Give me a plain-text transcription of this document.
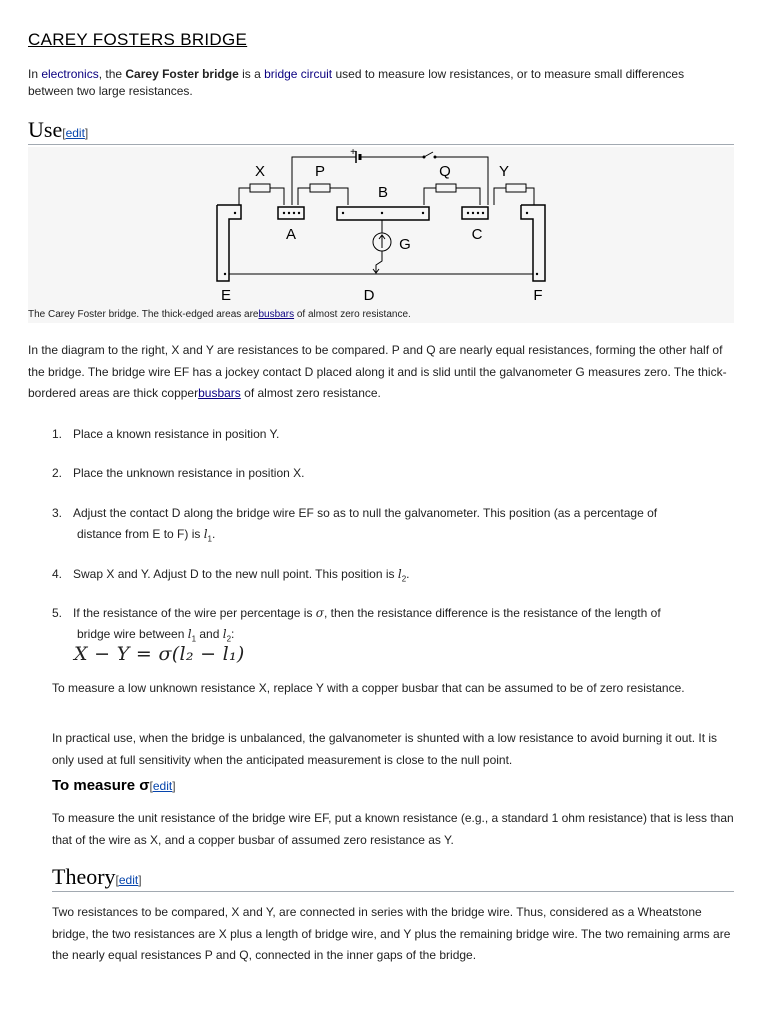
CAREY FOSTERS BRIDGE
In electronics, the Carey Foster bridge is a bridge circuit used to measure low resistances, or to measure small differences between two large resistances.
Use[edit]
+
X	P
B
Q	Y
A
G
C
E	D	F
The Carey Foster bridge. The thick-edged areas arebusbars of almost zero resistance.
In the diagram to the right, X and Y are resistances to be compared. P and Q are nearly equal resistances, forming the other half of the bridge. The bridge wire EF has a jockey contact D placed along it and is slid until the galvanometer G measures zero. The thick-bordered areas are thick copperbusbars of almost zero resistance.
1. Place a known resistance in position Y.
2. Place the unknown resistance in position X.
3. Adjust the contact D along the bridge wire EF so as to null the galvanometer. This position (as a percentage of
distance from E to F) is $l_1$.
4. Swap X and Y. Adjust D to the new null point. This position is $l_2$.
5. If the resistance of the wire per percentage is σ, then the resistance difference is the resistance of the length of
bridge wire between $l_1$ and $l_2$:
X − Y = σ(l₂ − l₁)
To measure a low unknown resistance X, replace Y with a copper busbar that can be assumed to be of zero resistance.
In practical use, when the bridge is unbalanced, the galvanometer is shunted with a low resistance to avoid burning it out. It is only used at full sensitivity when the anticipated measurement is close to the null point.
To measure σ[edit]
To measure the unit resistance of the bridge wire EF, put a known resistance (e.g., a standard 1 ohm resistance) that is less than that of the wire as X, and a copper busbar of assumed zero resistance as Y.
Theory[edit]
Two resistances to be compared, X and Y, are connected in series with the bridge wire. Thus, considered as a Wheatstone bridge, the two resistances are X plus a length of bridge wire, and Y plus the remaining bridge wire. The two remaining arms are the nearly equal resistances P and Q, connected in the inner gaps of the bridge.
